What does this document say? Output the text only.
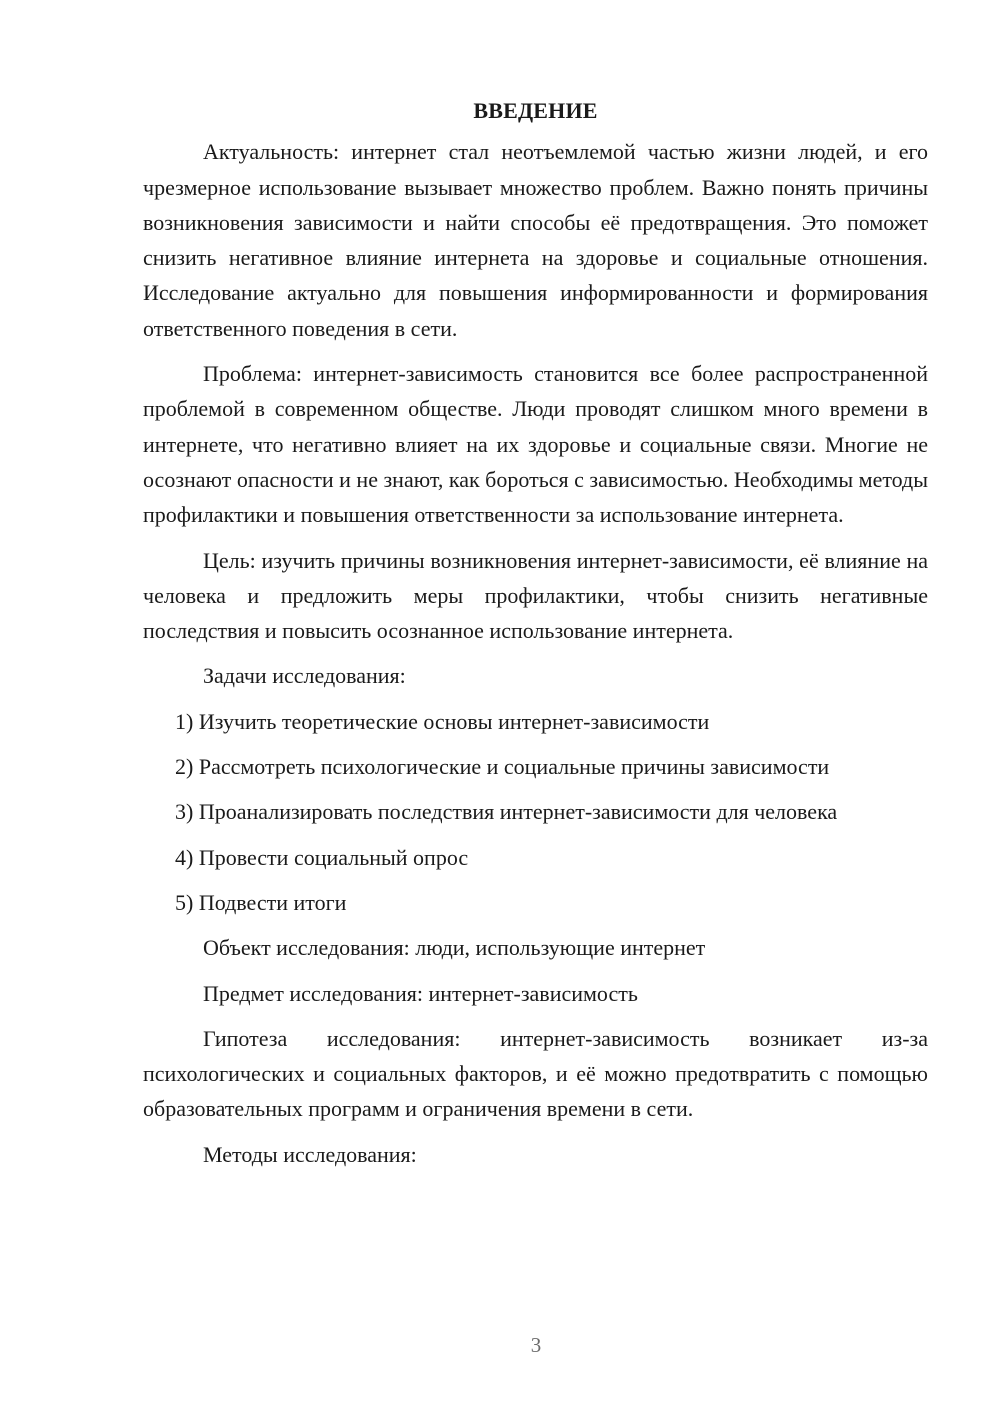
ВВЕДЕНИЕ

Актуальность: интернет стал неотъемлемой частью жизни людей, и его чрезмерное использование вызывает множество проблем. Важно понять причины возникновения зависимости и найти способы её предотвращения. Это поможет снизить негативное влияние интернета на здоровье и социальные отношения. Исследование актуально для повышения информированности и формирования ответственного поведения в сети.

Проблема: интернет-зависимость становится все более распространенной проблемой в современном обществе. Люди проводят слишком много времени в интернете, что негативно влияет на их здоровье и социальные связи. Многие не осознают опасности и не знают, как бороться с зависимостью. Необходимы методы профилактики и повышения ответственности за использование интернета.

Цель: изучить причины возникновения интернет-зависимости, её влияние на человека и предложить меры профилактики, чтобы снизить негативные последствия и повысить осознанное использование интернета.

Задачи исследования:

1) Изучить теоретические основы интернет-зависимости
2) Рассмотреть психологические и социальные причины зависимости
3) Проанализировать последствия интернет-зависимости для человека
4) Провести социальный опрос
5) Подвести итоги

Объект исследования: люди, использующие интернет

Предмет исследования: интернет-зависимость

Гипотеза исследования: интернет-зависимость возникает из-за психологических и социальных факторов, и её можно предотвратить с помощью образовательных программ и ограничения времени в сети.

Методы исследования:

3
